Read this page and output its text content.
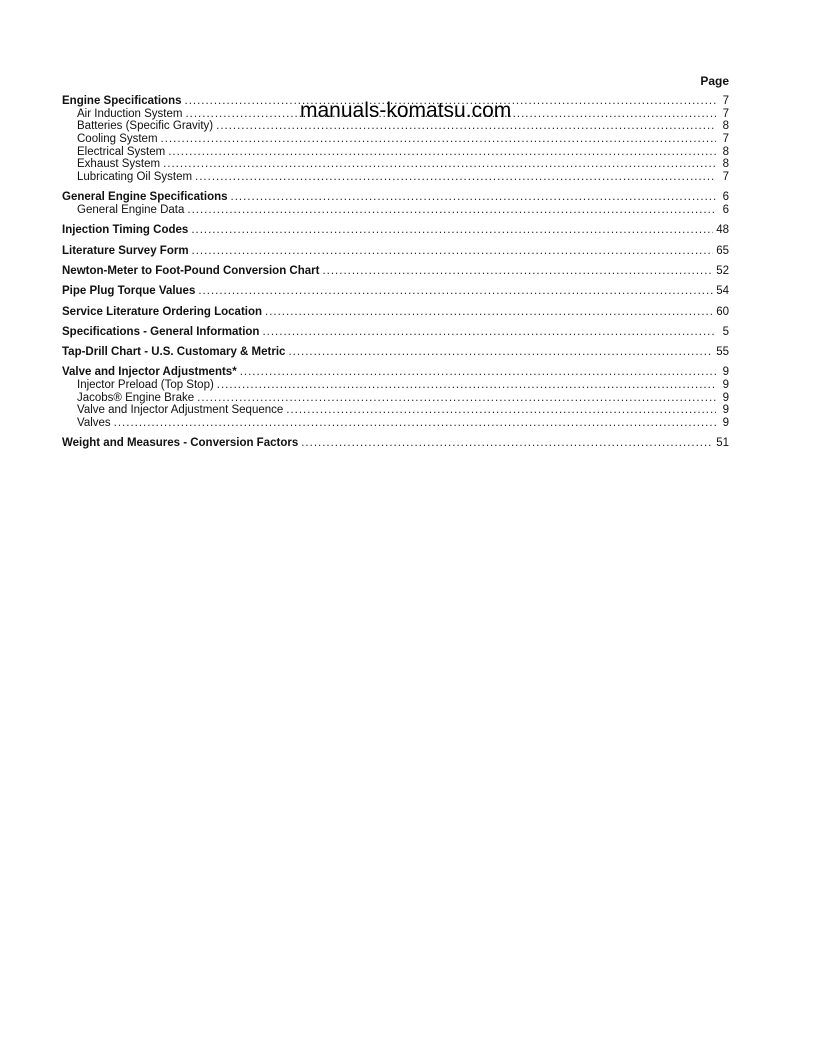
Page
Engine Specifications .....	7
Air Induction System .....	7
Batteries (Specific Gravity) .....	8
Cooling System .....	7
Electrical System .....	8
Exhaust System .....	8
Lubricating Oil System .....	7
General Engine Specifications .....	6
General Engine Data .....	6
Injection Timing Codes .....	48
Literature Survey Form .....	65
Newton-Meter to Foot-Pound Conversion Chart .....	52
Pipe Plug Torque Values .....	54
Service Literature Ordering Location .....	60
Specifications - General Information .....	5
Tap-Drill Chart - U.S. Customary & Metric .....	55
Valve and Injector Adjustments* .....	9
Injector Preload (Top Stop) .....	9
Jacobs® Engine Brake .....	9
Valve and Injector Adjustment Sequence .....	9
Valves .....	9
Weight and Measures - Conversion Factors .....	51
manuals-komatsu.com
